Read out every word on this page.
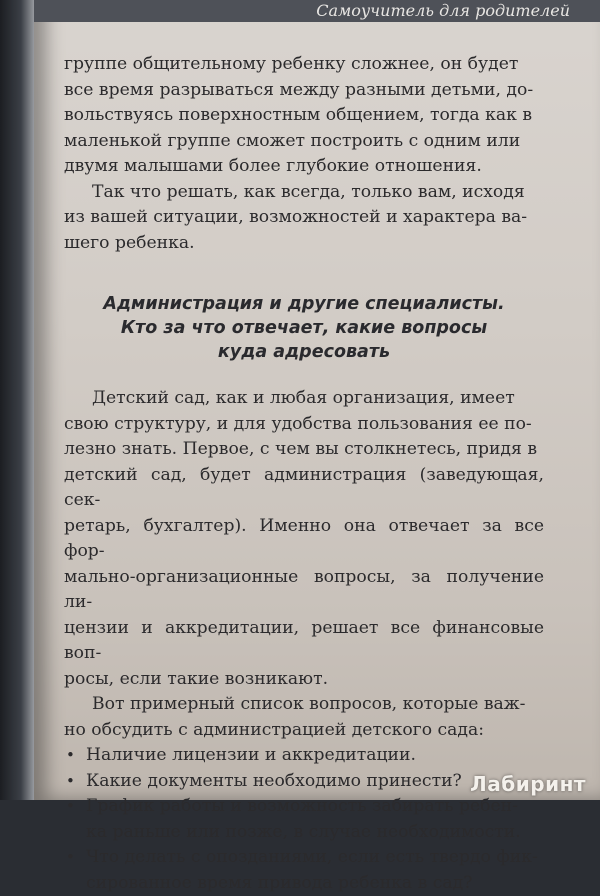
Самоучитель для родителей
группе общительному ребенку сложнее, он будет
все время разрываться между разными детьми, до-
вольствуясь поверхностным общением, тогда как в
маленькой группе сможет построить с одним или
двумя малышами более глубокие отношения.
Так что решать, как всегда, только вам, исходя
из вашей ситуации, возможностей и характера ва-
шего ребенка.
Администрация и другие специалисты.
Кто за что отвечает, какие вопросы
куда адресовать
Детский сад, как и любая организация, имеет
свою структуру, и для удобства пользования ее по-
лезно знать. Первое, с чем вы столкнетесь, придя в
детский сад, будет администрация (заведующая, сек-
ретарь, бухгалтер). Именно она отвечает за все фор-
мально-организационные вопросы, за получение ли-
цензии и аккредитации, решает все финансовые воп-
росы, если такие возникают.
Вот примерный список вопросов, которые важ-
но обсудить с администрацией детского сада:
• Наличие лицензии и аккредитации.
• Какие документы необходимо принести?
• График работы и возможность забирать ребен-
ка раньше или позже, в случае необходимости.
• Что делать с опозданиями, если есть твердо фик-
сированное время привода ребенка в сад?
Лабиринт
